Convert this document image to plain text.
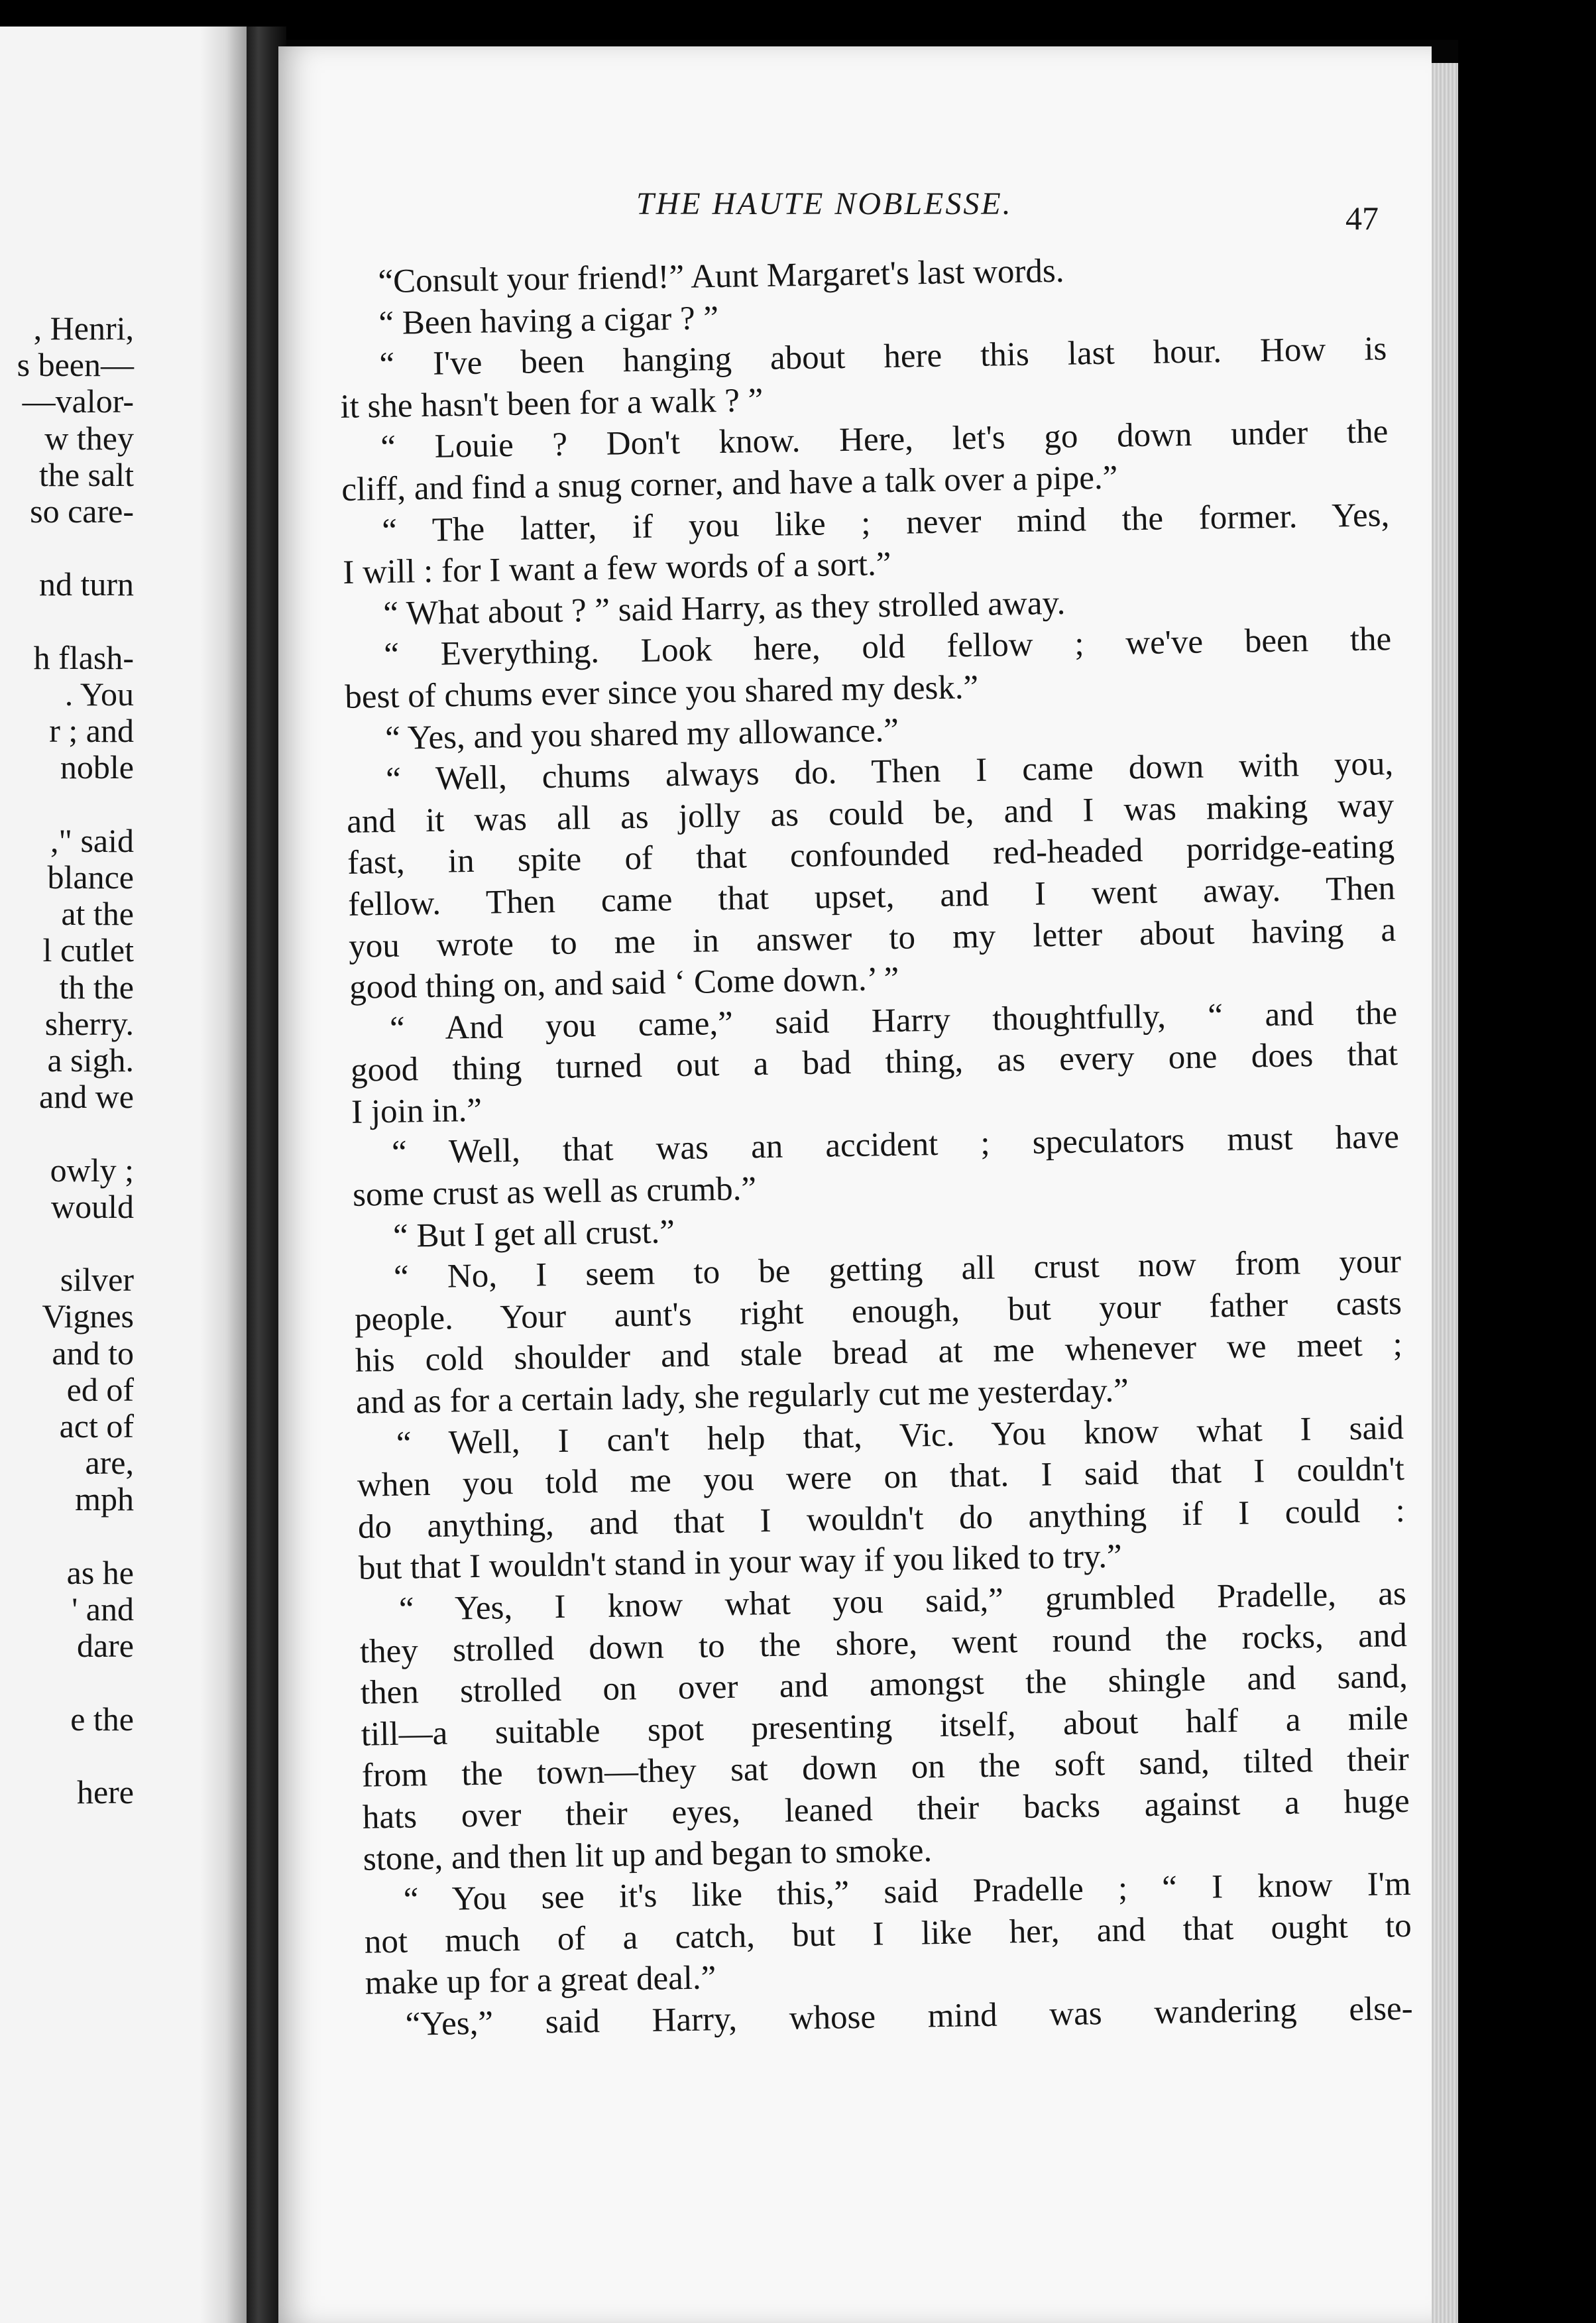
, Henri,
s been—
—valor-
w they
the salt
so care-
nd turn
h flash-
. You
r ; and
noble
," said
blance
at the
l cutlet
th the
sherry.
a sigh.
and we
owly ;
would
silver
Vignes
and to
ed of
act of
are,
mph
as he
' and
dare
e the
here
THE HAUTE NOBLESSE.	47
“Consult your friend!” Aunt Margaret's last words.
“ Been having a cigar ? ”
“ I've been hanging about here this last hour. How is
it she hasn't been for a walk ? ”
“ Louie ? Don't know. Here, let's go down under the
cliff, and find a snug corner, and have a talk over a pipe.”
“ The latter, if you like ; never mind the former. Yes,
I will : for I want a few words of a sort.”
“ What about ? ” said Harry, as they strolled away.
“ Everything. Look here, old fellow ; we've been the
best of chums ever since you shared my desk.”
“ Yes, and you shared my allowance.”
“ Well, chums always do. Then I came down with you,
and it was all as jolly as could be, and I was making way
fast, in spite of that confounded red-headed porridge-eating
fellow. Then came that upset, and I went away. Then
you wrote to me in answer to my letter about having a
good thing on, and said ‘ Come down.’ ”
“ And you came,” said Harry thoughtfully, “ and the
good thing turned out a bad thing, as every one does that
I join in.”
“ Well, that was an accident ; speculators must have
some crust as well as crumb.”
“ But I get all crust.”
“ No, I seem to be getting all crust now from your
people. Your aunt's right enough, but your father casts
his cold shoulder and stale bread at me whenever we meet ;
and as for a certain lady, she regularly cut me yesterday.”
“ Well, I can't help that, Vic. You know what I said
when you told me you were on that. I said that I couldn't
do anything, and that I wouldn't do anything if I could :
but that I wouldn't stand in your way if you liked to try.”
“ Yes, I know what you said,” grumbled Pradelle, as
they strolled down to the shore, went round the rocks, and
then strolled on over and amongst the shingle and sand,
till—a suitable spot presenting itself, about half a mile
from the town—they sat down on the soft sand, tilted their
hats over their eyes, leaned their backs against a huge
stone, and then lit up and began to smoke.
“ You see it's like this,” said Pradelle ; “ I know I'm
not much of a catch, but I like her, and that ought to
make up for a great deal.”
“Yes,” said Harry, whose mind was wandering else-
